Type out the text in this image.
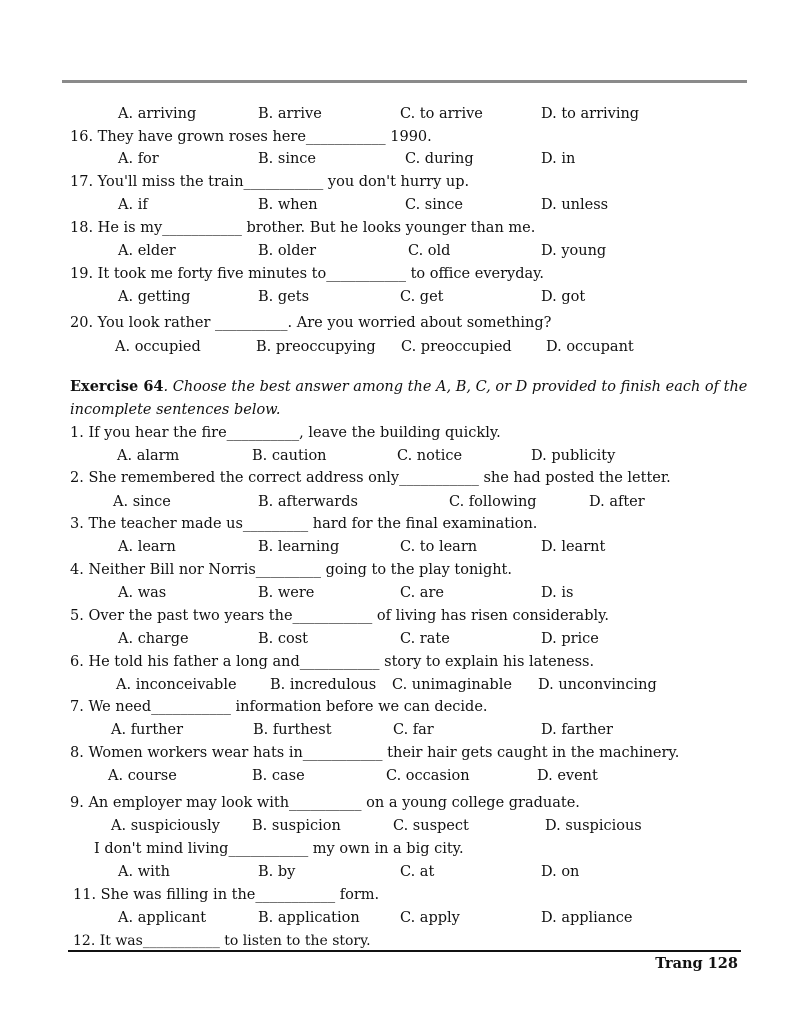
A. arriving	B. arrive	C. to arrive	D. to arriving
16. They have grown roses here___________ 1990.
A. for	B. since	C. during	D. in
17. You'll miss the train___________ you don't hurry up.
A. if	B. when	C. since	D. unless
18. He is my___________ brother. But he looks younger than me.
A. elder	B. older	C. old	D. young
19. It took me forty five minutes to___________ to office everyday.
A. getting	B. gets	C. get	D. got
20. You look rather __________. Are you worried about something?
A. occupied	B. preoccupying C. preoccupied D. occupant
Exercise 64. Choose the best answer among the A, B, C, or D provided to finish each of the
incomplete sentences below.
1. If you hear the fire__________, leave the building quickly.
A. alarm	B. caution	C. notice	D. publicity
2. She remembered the correct address only___________ she had posted the letter.
A. since	B. afterwards	C. following	D. after
3. The teacher made us_________ hard for the final examination.
A. learn	B. learning	C. to learn	D. learnt
4. Neither Bill nor Norris_________ going to the play tonight.
A. was	B. were	C. are	D. is
5. Over the past two years the___________ of living has risen considerably.
A. charge	B. cost	C. rate	D. price
6. He told his father a long and___________ story to explain his lateness.
A. inconceivable B. incredulous C. unimaginable D. unconvincing
7. We need___________ information before we can decide.
A. further	B. furthest	C. far	D. farther
8. Women workers wear hats in___________ their hair gets caught in the machinery.
A. course	B. case	C. occasion	D. event
9. An employer may look with__________ on a young college graduate.
A. suspiciously B. suspicion	C. suspect	D. suspicious
I don't mind living___________ my own in a big city.
A. with	B. by	C. at	D. on
11. She was filling in the___________ form.
A. applicant	B. application	C. apply	D. appliance
12. It was___________ to listen to the story.
Trang 128
